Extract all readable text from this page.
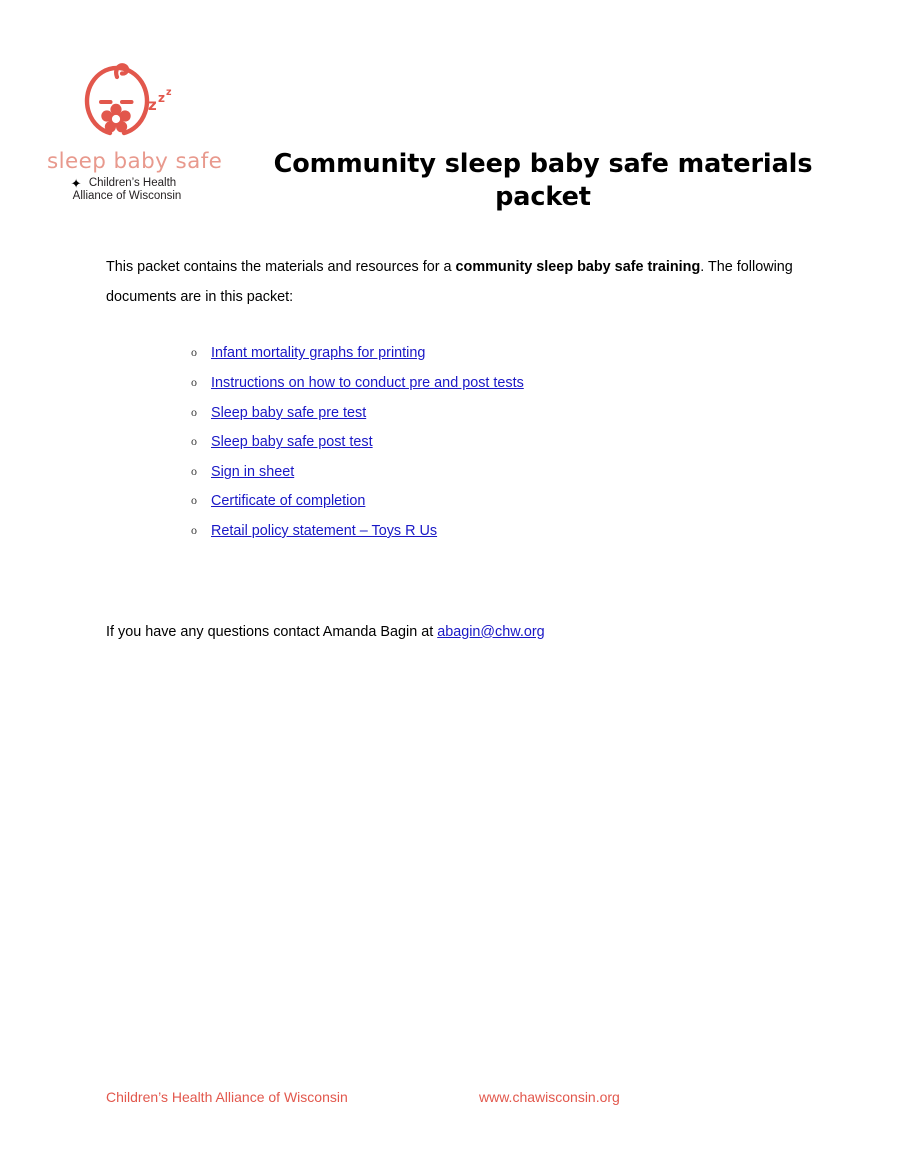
z z z
sleep baby safe
✦ Children’s Health
Alliance of Wisconsin
Community sleep baby safe materials packet

This packet contains the materials and resources for a community sleep baby safe training. The following documents are in this packet:

o Infant mortality graphs for printing
o Instructions on how to conduct pre and post tests
o Sleep baby safe pre test
o Sleep baby safe post test
o Sign in sheet
o Certificate of completion
o Retail policy statement – Toys R Us

If you have any questions contact Amanda Bagin at abagin@chw.org

Children’s Health Alliance of Wisconsin	www.chawisconsin.org
